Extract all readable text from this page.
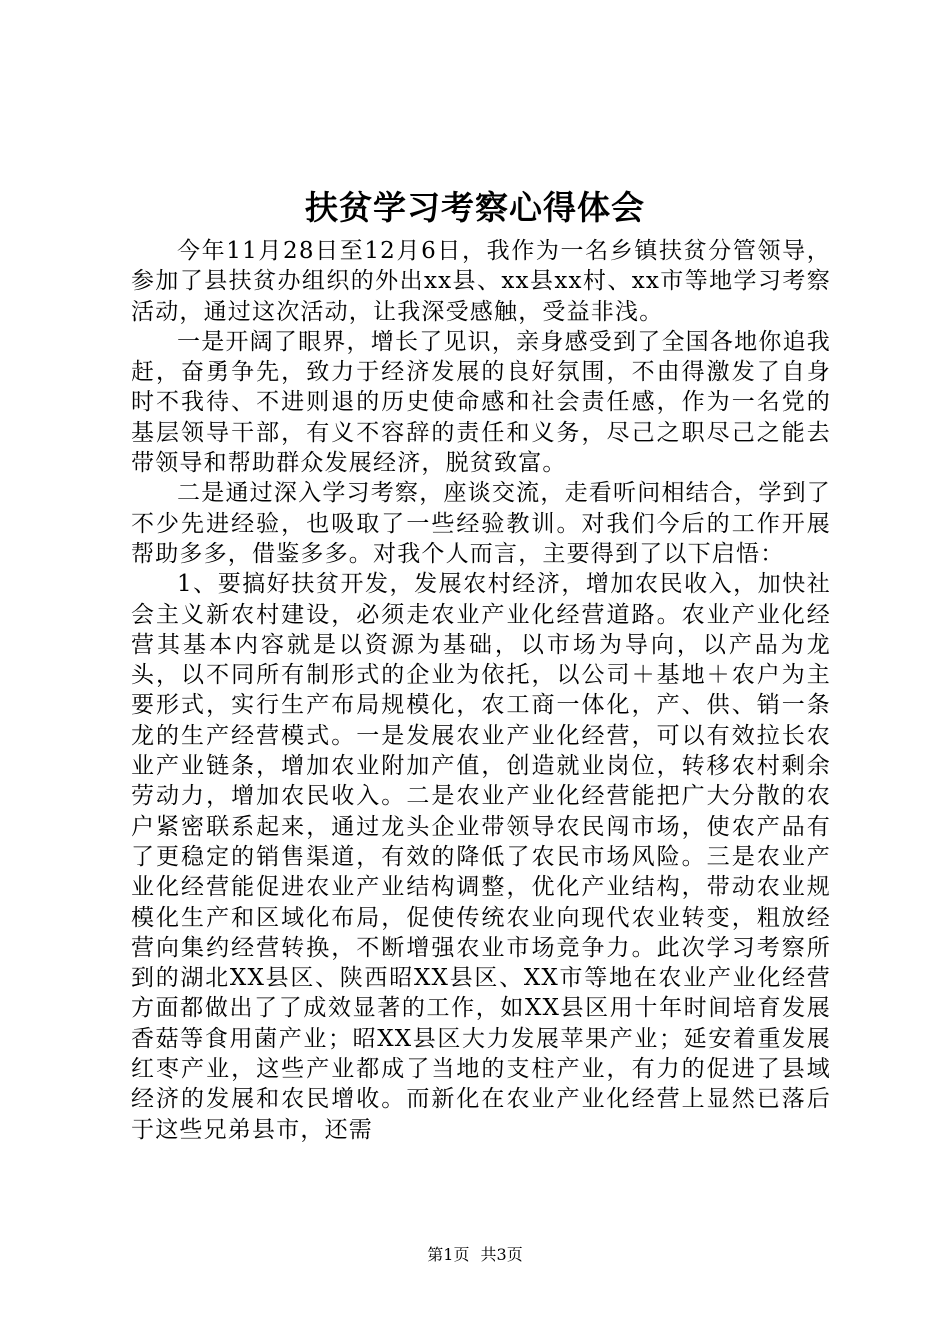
扶贫学习考察心得体会

今年11月28日至12月6日，我作为一名乡镇扶贫分管领导，参加了县扶贫办组织的外出xx县、xx县xx村、xx市等地学习考察活动，通过这次活动，让我深受感触，受益非浅。

一是开阔了眼界，增长了见识，亲身感受到了全国各地你追我赶，奋勇争先，致力于经济发展的良好氛围，不由得激发了自身时不我待、不进则退的历史使命感和社会责任感，作为一名党的基层领导干部，有义不容辞的责任和义务，尽己之职尽己之能去带领导和帮助群众发展经济，脱贫致富。

二是通过深入学习考察，座谈交流，走看听问相结合，学到了不少先进经验，也吸取了一些经验教训。对我们今后的工作开展帮助多多，借鉴多多。对我个人而言，主要得到了以下启悟：

1、要搞好扶贫开发，发展农村经济，增加农民收入，加快社会主义新农村建设，必须走农业产业化经营道路。农业产业化经营其基本内容就是以资源为基础，以市场为导向，以产品为龙头，以不同所有制形式的企业为依托，以公司＋基地＋农户为主要形式，实行生产布局规模化，农工商一体化，产、供、销一条龙的生产经营模式。一是发展农业产业化经营，可以有效拉长农业产业链条，增加农业附加产值，创造就业岗位，转移农村剩余劳动力，增加农民收入。二是农业产业化经营能把广大分散的农户紧密联系起来，通过龙头企业带领导农民闯市场，使农产品有了更稳定的销售渠道，有效的降低了农民市场风险。三是农业产业化经营能促进农业产业结构调整，优化产业结构，带动农业规模化生产和区域化布局，促使传统农业向现代农业转变，粗放经营向集约经营转换，不断增强农业市场竞争力。此次学习考察所到的湖北XX县区、陕西昭XX县区、XX市等地在农业产业化经营方面都做出了了成效显著的工作，如XX县区用十年时间培育发展香菇等食用菌产业；昭XX县区大力发展苹果产业；延安着重发展红枣产业，这些产业都成了当地的支柱产业，有力的促进了县域经济的发展和农民增收。而新化在农业产业化经营上显然已落后于这些兄弟县市，还需

第1页 共3页
